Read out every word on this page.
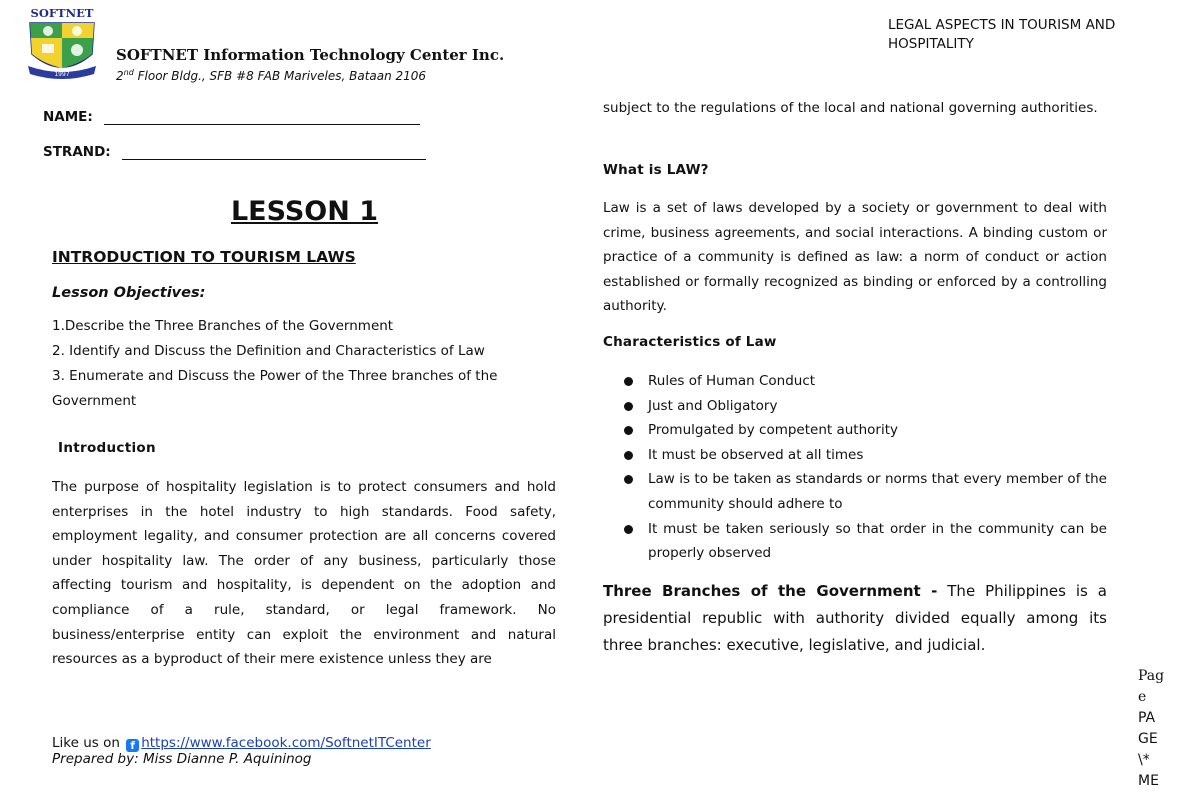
SOFTNET
1997
SOFTNET Information Technology Center Inc.
2nd Floor Bldg., SFB #8 FAB Mariveles, Bataan 2106
LEGAL ASPECTS IN TOURISM AND HOSPITALITY
NAME:
STRAND:
LESSON 1
INTRODUCTION TO TOURISM LAWS
Lesson Objectives:
1.Describe the Three Branches of the Government
2. Identify and Discuss the Definition and Characteristics of Law
3. Enumerate and Discuss the Power of the Three branches of the Government
Introduction
The purpose of hospitality legislation is to protect consumers and hold enterprises in the hotel industry to high standards. Food safety, employment legality, and consumer protection are all concerns covered under hospitality law. The order of any business, particularly those affecting tourism and hospitality, is dependent on the adoption and compliance of a rule, standard, or legal framework. No business/enterprise entity can exploit the environment and natural resources as a byproduct of their mere existence unless they are
subject to the regulations of the local and national governing authorities.
What is LAW?
Law is a set of laws developed by a society or government to deal with crime, business agreements, and social interactions. A binding custom or practice of a community is defined as law: a norm of conduct or action established or formally recognized as binding or enforced by a controlling authority.
Characteristics of Law
Rules of Human Conduct
Just and Obligatory
Promulgated by competent authority
It must be observed at all times
Law is to be taken as standards or norms that every member of the community should adhere to
It must be taken seriously so that order in the community can be properly observed
Three Branches of the Government - The Philippines is a presidential republic with authority divided equally among its three branches: executive, legislative, and judicial.
Like us on f https://www.facebook.com/SoftnetITCenter
Prepared by: Miss Dianne P. Aquininog
Pag
e
PA
GE
\*
ME
